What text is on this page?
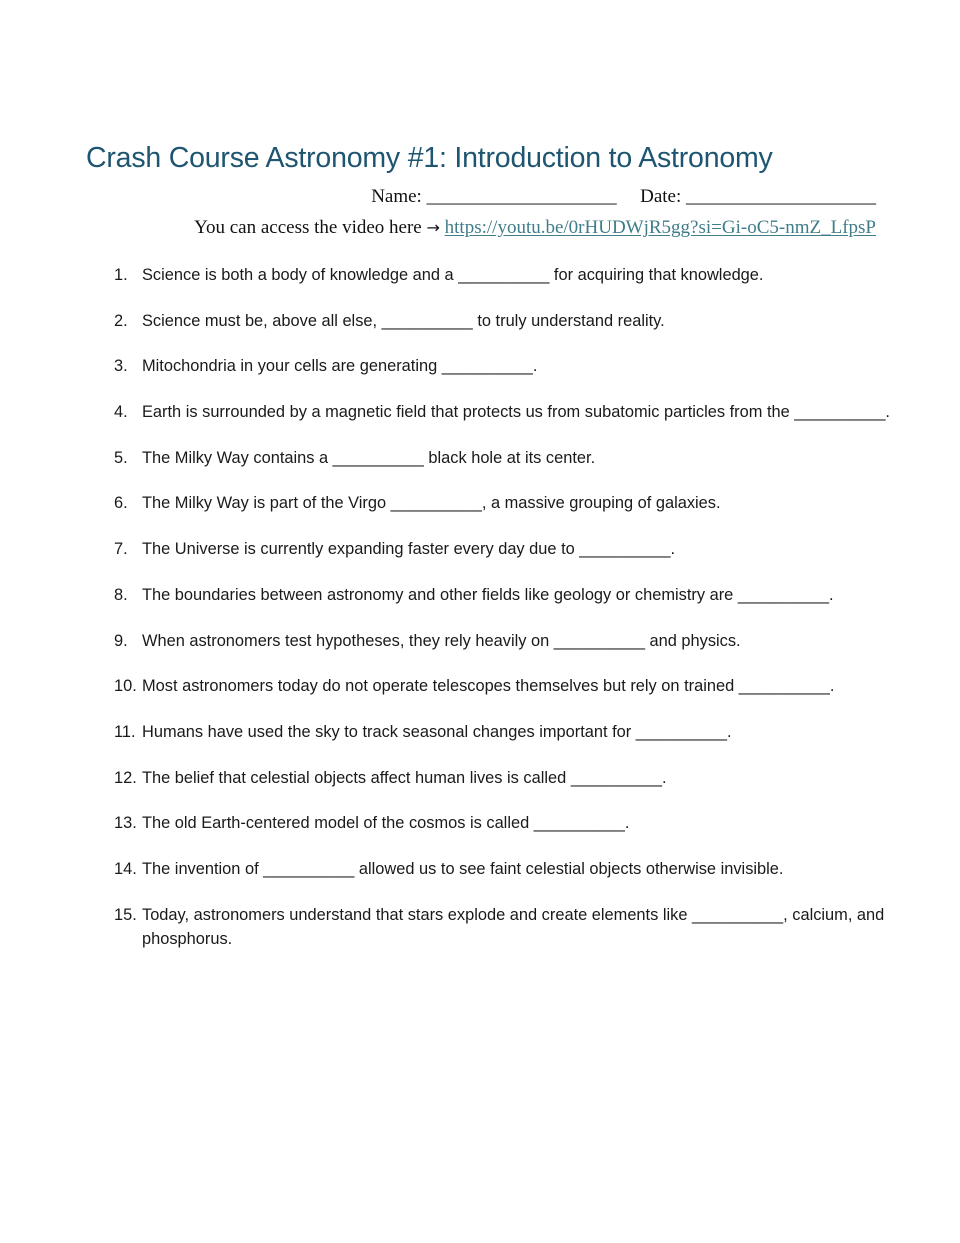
Crash Course Astronomy #1: Introduction to Astronomy
Name: ____________________ Date: ____________________
You can access the video here → https://youtu.be/0rHUDWjR5gg?si=Gi-oC5-nmZ_LfpsP
1. Science is both a body of knowledge and a __________ for acquiring that knowledge.
2. Science must be, above all else, __________ to truly understand reality.
3. Mitochondria in your cells are generating __________.
4. Earth is surrounded by a magnetic field that protects us from subatomic particles from the __________.
5. The Milky Way contains a __________ black hole at its center.
6. The Milky Way is part of the Virgo __________, a massive grouping of galaxies.
7. The Universe is currently expanding faster every day due to __________.
8. The boundaries between astronomy and other fields like geology or chemistry are __________.
9. When astronomers test hypotheses, they rely heavily on __________ and physics.
10. Most astronomers today do not operate telescopes themselves but rely on trained __________.
11. Humans have used the sky to track seasonal changes important for __________.
12. The belief that celestial objects affect human lives is called __________.
13. The old Earth-centered model of the cosmos is called __________.
14. The invention of __________ allowed us to see faint celestial objects otherwise invisible.
15. Today, astronomers understand that stars explode and create elements like __________, calcium, and phosphorus.
